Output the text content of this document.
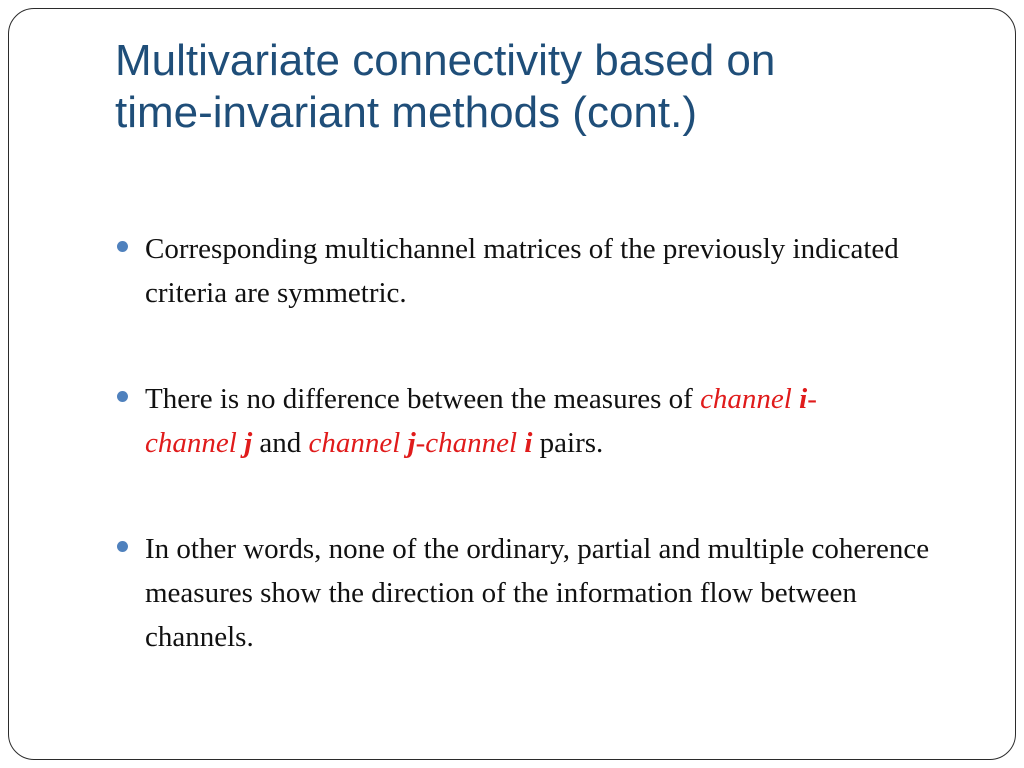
Multivariate connectivity based on
time-invariant methods (cont.)
Corresponding multichannel matrices of the previously indicated criteria are symmetric.
There is no difference between the measures of channel i-
channel j and channel j-channel i pairs.
In other words, none of the ordinary, partial and multiple coherence measures show the direction of the information flow between channels.
